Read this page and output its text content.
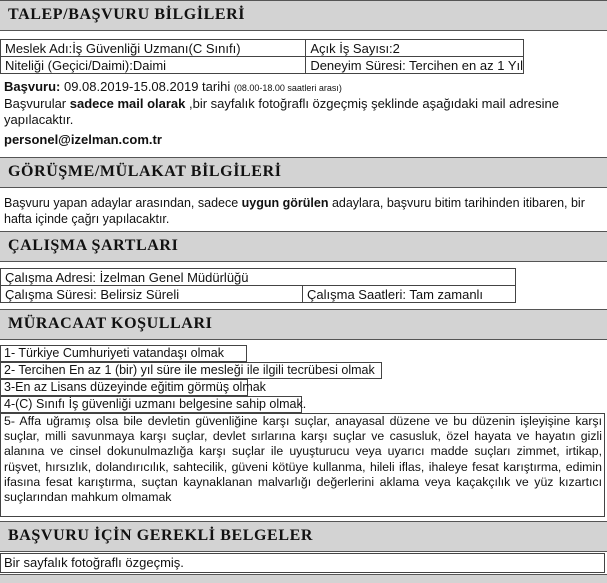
TALEP/BAŞVURU BİLGİLERİ
Meslek Adı:İş Güvenliği Uzmanı(C Sınıfı)	Açık İş Sayısı:2
Niteliği (Geçici/Daimi):Daimi	Deneyim Süresi: Tercihen en az 1 Yıl
Başvuru: 09.08.2019-15.08.2019 tarihi (08.00-18.00 saatleri arası)
Başvurular sadece mail olarak ,bir sayfalık fotoğraflı özgeçmiş şeklinde aşağıdaki mail adresine
yapılacaktır.
personel@izelman.com.tr
GÖRÜŞME/MÜLAKAT BİLGİLERİ
Başvuru yapan adaylar arasından, sadece uygun görülen adaylara, başvuru bitim tarihinden itibaren, bir
hafta içinde çağrı yapılacaktır.
ÇALIŞMA ŞARTLARI
Çalışma Adresi: İzelman Genel Müdürlüğü
Çalışma Süresi: Belirsiz Süreli	Çalışma Saatleri: Tam zamanlı
MÜRACAAT KOŞULLARI
1- Türkiye Cumhuriyeti vatandaşı olmak
2- Tercihen En az 1 (bir) yıl süre ile mesleği ile ilgili tecrübesi olmak
3-En az Lisans düzeyinde eğitim görmüş olmak
4-(C) Sınıfı İş güvenliği uzmanı belgesine sahip olmak.
5- Affa uğramış olsa bile devletin güvenliğine karşı suçlar, anayasal düzene ve bu düzenin işleyişine karşı suçlar, milli savunmaya karşı suçlar, devlet sırlarına karşı suçlar ve casusluk, özel hayata ve hayatın gizli alanına ve cinsel dokunulmazlığa karşı suçlar ile uyuşturucu veya uyarıcı madde suçları zimmet, irtikap, rüşvet, hırsızlık, dolandırıcılık, sahtecilik, güveni kötüye kullanma, hileli iflas, ihaleye fesat karıştırma, edimin ifasına fesat karıştırma, suçtan kaynaklanan malvarlığı değerlerini aklama veya kaçakçılık ve yüz kızartıcı suçlarından mahkum olmamak
BAŞVURU İÇİN GEREKLİ BELGELER
Bir sayfalık fotoğraflı özgeçmiş.
